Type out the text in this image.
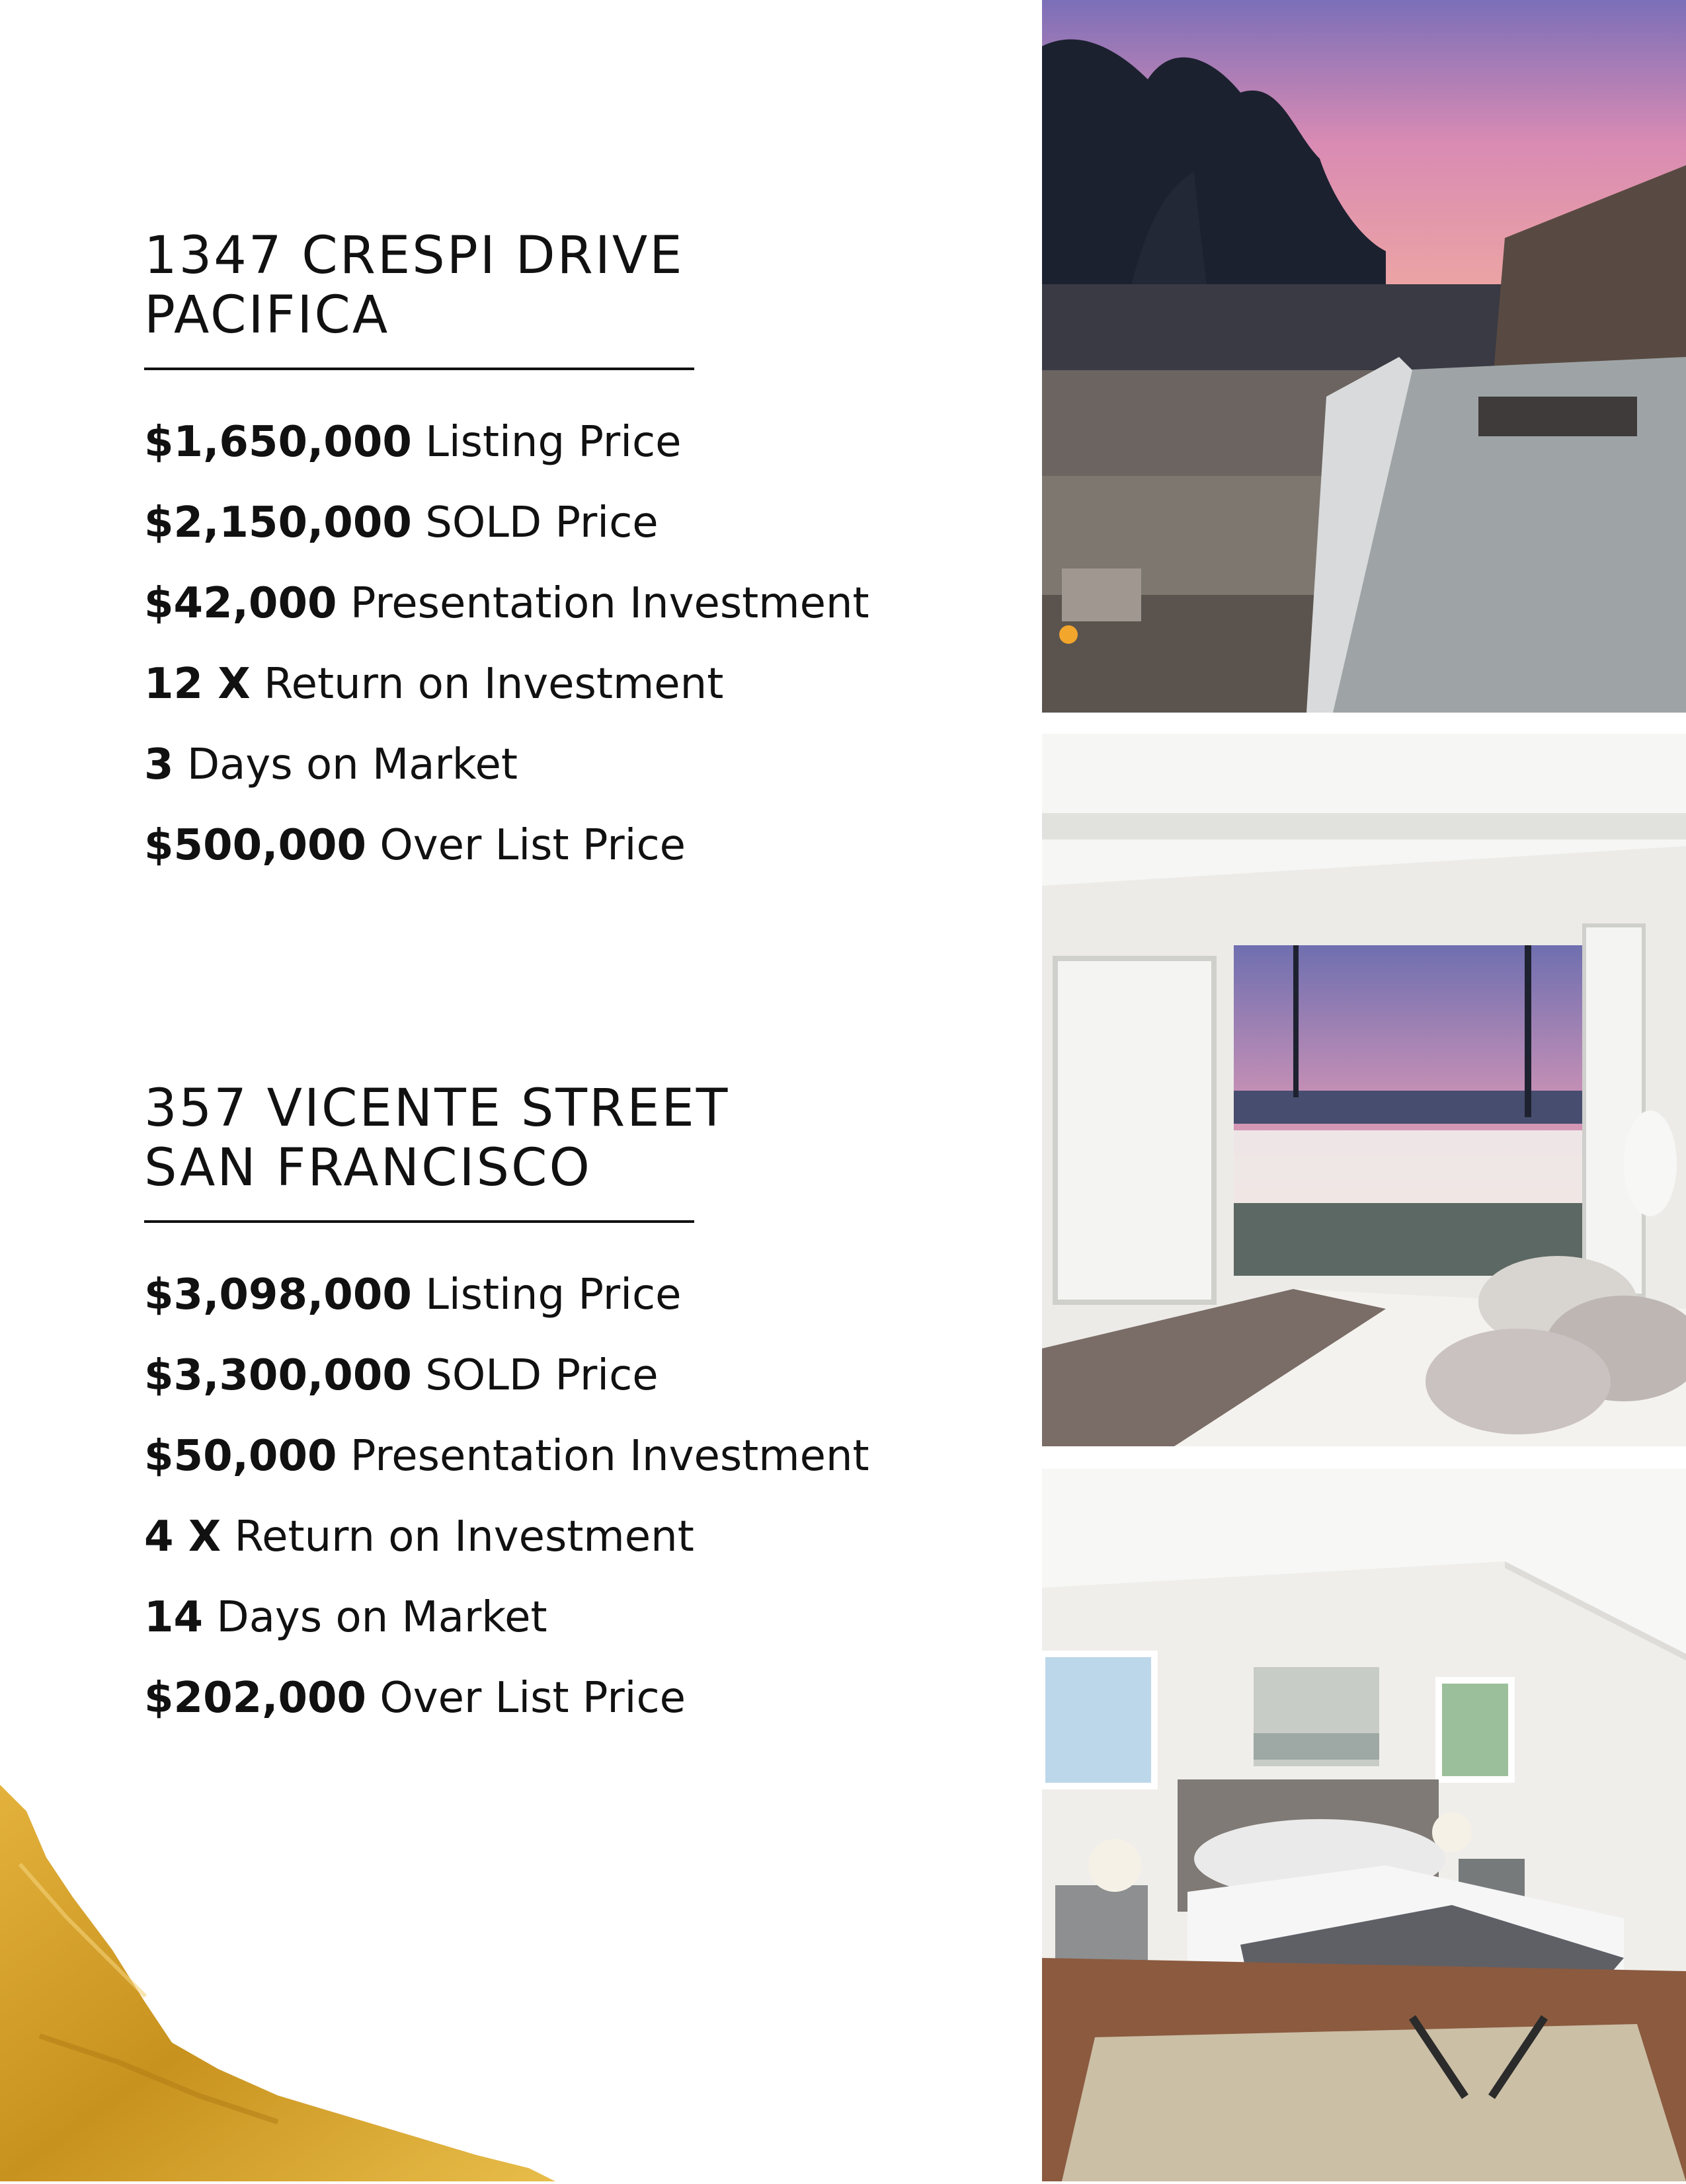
1347 CRESPI DRIVE
PACIFICA
$1,650,000 Listing Price
$2,150,000 SOLD Price
$42,000 Presentation Investment
12 X Return on Investment
3 Days on Market
$500,000 Over List Price
357 VICENTE STREET
SAN FRANCISCO
$3,098,000 Listing Price
$3,300,000 SOLD Price
$50,000 Presentation Investment
4 X Return on Investment
14 Days on Market
$202,000 Over List Price
